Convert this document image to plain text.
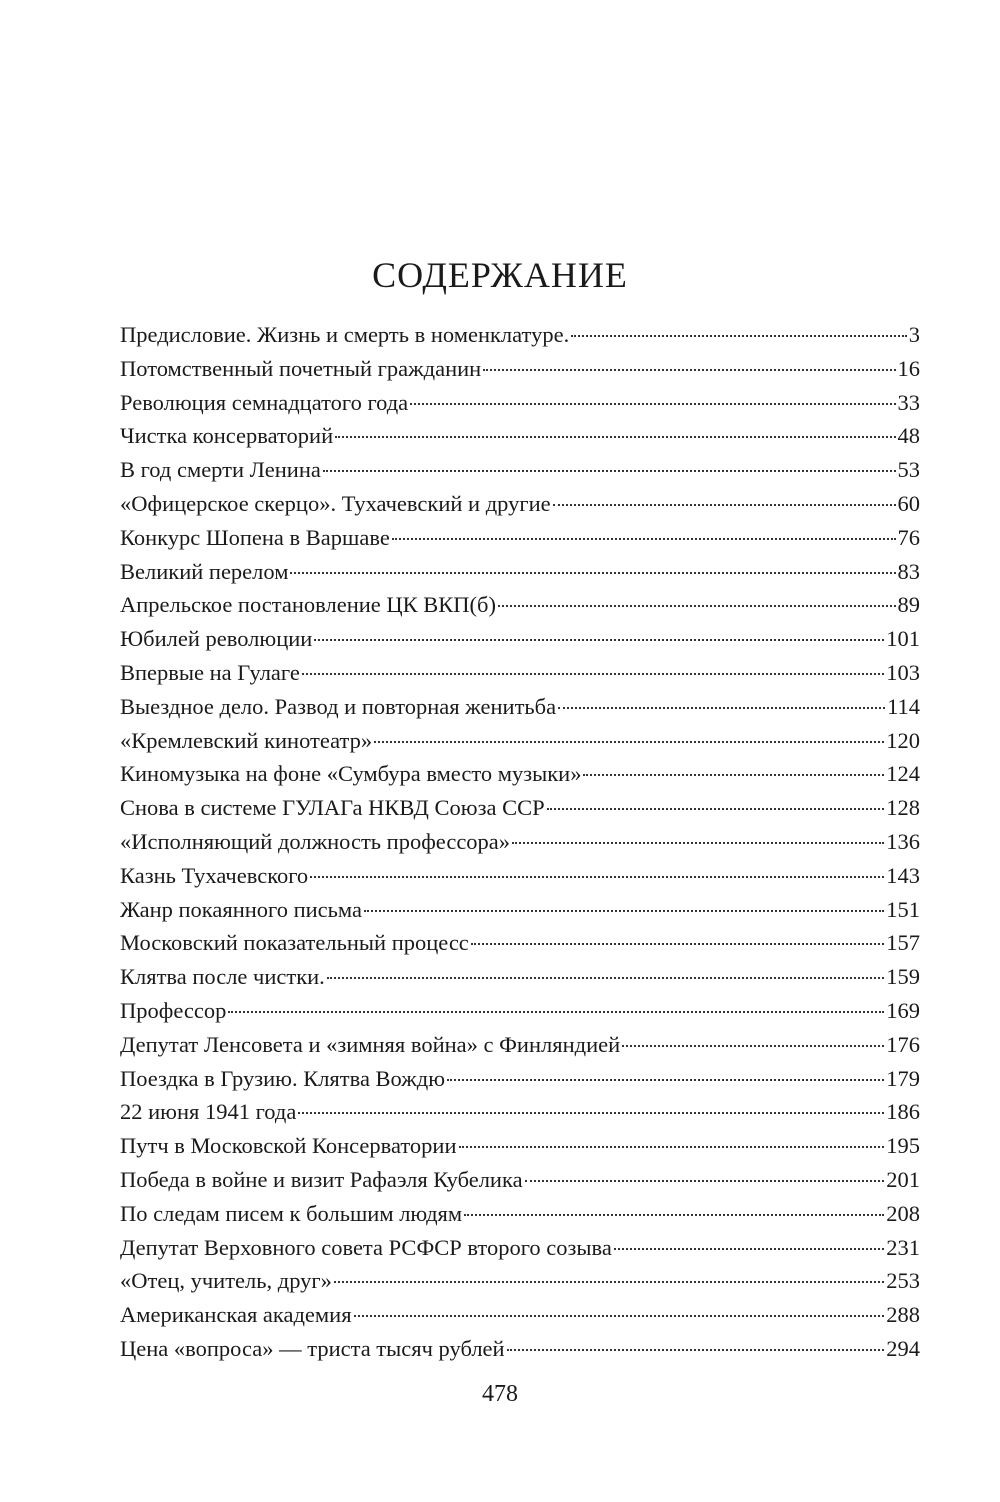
СОДЕРЖАНИЕ
Предисловие. Жизнь и смерть в номенклатуре.	3
Потомственный почетный гражданин	16
Революция семнадцатого года	33
Чистка консерваторий	48
В год смерти Ленина	53
«Офицерское скерцо». Тухачевский и другие	60
Конкурс Шопена в Варшаве	76
Великий перелом	83
Апрельское постановление ЦК ВКП(б)	89
Юбилей революции	101
Впервые на Гулаге	103
Выездное дело. Развод и повторная женитьба	114
«Кремлевский кинотеатр»	120
Киномузыка на фоне «Сумбура вместо музыки»	124
Снова в системе ГУЛАГа НКВД Союза ССР	128
«Исполняющий должность профессора»	136
Казнь Тухачевского	143
Жанр покаянного письма	151
Московский показательный процесс	157
Клятва после чистки.	159
Профессор	169
Депутат Ленсовета и «зимняя война» с Финляндией	176
Поездка в Грузию. Клятва Вождю	179
22 июня 1941 года	186
Путч в Московской Консерватории	195
Победа в войне и визит Рафаэля Кубелика	201
По следам писем к большим людям	208
Депутат Верховного совета РСФСР второго созыва	231
«Отец, учитель, друг»	253
Американская академия	288
Цена «вопроса» — триста тысяч рублей	294
478
